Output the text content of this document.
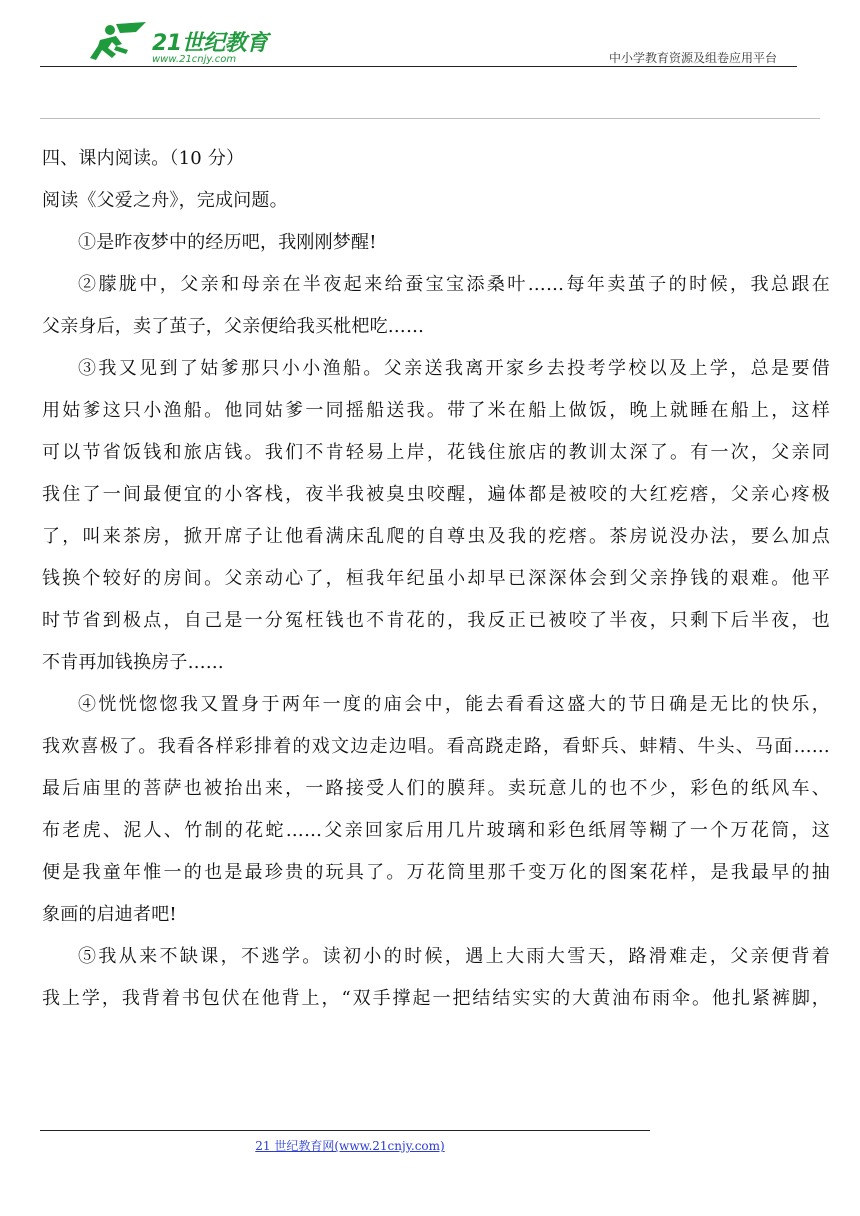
21世纪教育
www.21cnjy.com	中小学教育资源及组卷应用平台
四、课内阅读。（10 分）
阅读《父爱之舟》，完成问题。
①是昨夜梦中的经历吧，我刚刚梦醒!
②朦胧中，父亲和母亲在半夜起来给蚕宝宝添桑叶……每年卖茧子的时候，我总跟在
父亲身后，卖了茧子，父亲便给我买枇杷吃……
③我又见到了姑爹那只小小渔船。父亲送我离开家乡去投考学校以及上学，总是要借
用姑爹这只小渔船。他同姑爹一同摇船送我。带了米在船上做饭，晚上就睡在船上，这样
可以节省饭钱和旅店钱。我们不肯轻易上岸，花钱住旅店的教训太深了。有一次，父亲同
我住了一间最便宜的小客栈，夜半我被臭虫咬醒，遍体都是被咬的大红疙瘩，父亲心疼极
了，叫来茶房，掀开席子让他看满床乱爬的自尊虫及我的疙瘩。茶房说没办法，要么加点
钱换个较好的房间。父亲动心了，桓我年纪虽小却早已深深体会到父亲挣钱的艰难。他平
时节省到极点，自己是一分冤枉钱也不肯花的，我反正已被咬了半夜，只剩下后半夜，也
不肯再加钱换房子……
④恍恍惚惚我又置身于两年一度的庙会中，能去看看这盛大的节日确是无比的快乐，
我欢喜极了。我看各样彩排着的戏文边走边唱。看高跷走路，看虾兵、蚌精、牛头、马面……
最后庙里的菩萨也被抬出来，一路接受人们的膜拜。卖玩意儿的也不少，彩色的纸风车、
布老虎、泥人、竹制的花蛇……父亲回家后用几片玻璃和彩色纸屑等糊了一个万花筒，这
便是我童年惟一的也是最珍贵的玩具了。万花筒里那千变万化的图案花样，是我最早的抽
象画的启迪者吧!
⑤我从来不缺课，不逃学。读初小的时候，遇上大雨大雪天，路滑难走，父亲便背着
我上学，我背着书包伏在他背上，“双手撑起一把结结实实的大黄油布雨伞。他扎紧裤脚，
21 世纪教育网(www.21cnjy.com)
